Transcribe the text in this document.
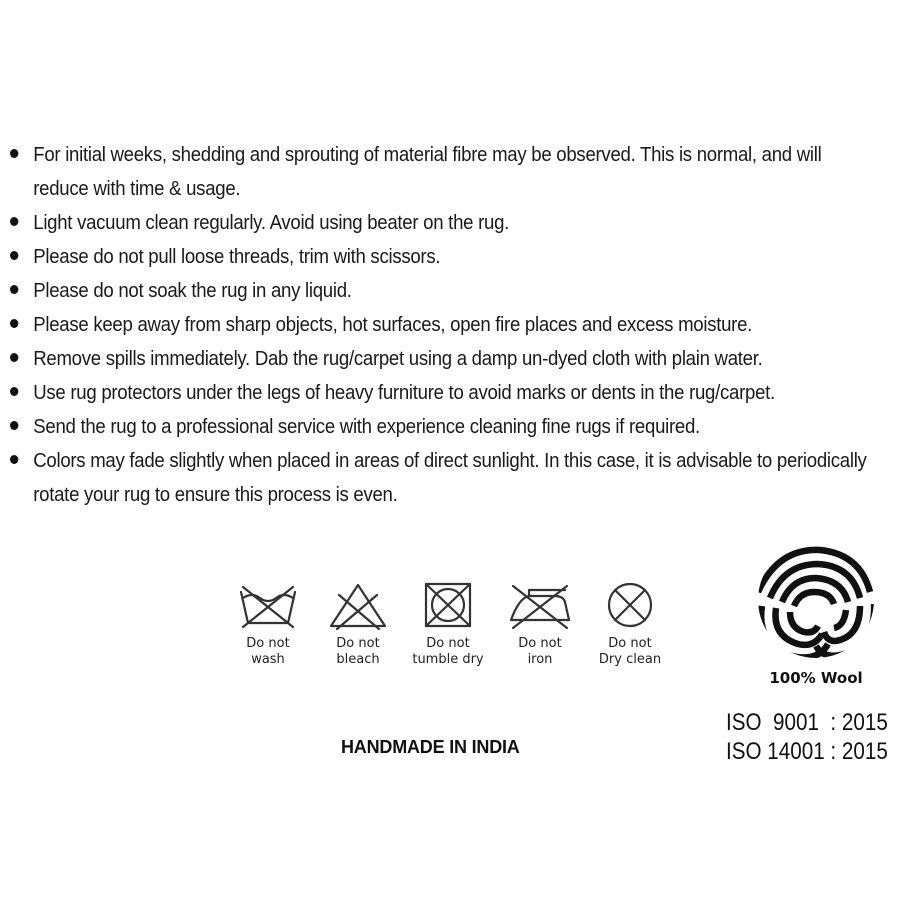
For initial weeks, shedding and sprouting of material fibre may be observed. This is normal, and will reduce with time & usage.
Light vacuum clean regularly. Avoid using beater on the rug.
Please do not pull loose threads, trim with scissors.
Please do not soak the rug in any liquid.
Please keep away from sharp objects, hot surfaces, open fire places and excess moisture.
Remove spills immediately. Dab the rug/carpet using a damp un-dyed cloth with plain water.
Use rug protectors under the legs of heavy furniture to avoid marks or dents in the rug/carpet.
Send the rug to a professional service with experience cleaning fine rugs if required.
Colors may fade slightly when placed in areas of direct sunlight. In this case, it is advisable to periodically rotate your rug to ensure this process is even.
Do not
wash
Do not
bleach
Do not
tumble dry
Do not
iron
Do not
Dry clean
100% Wool
HANDMADE IN INDIA
ISO  9001  : 2015
ISO 14001 : 2015
